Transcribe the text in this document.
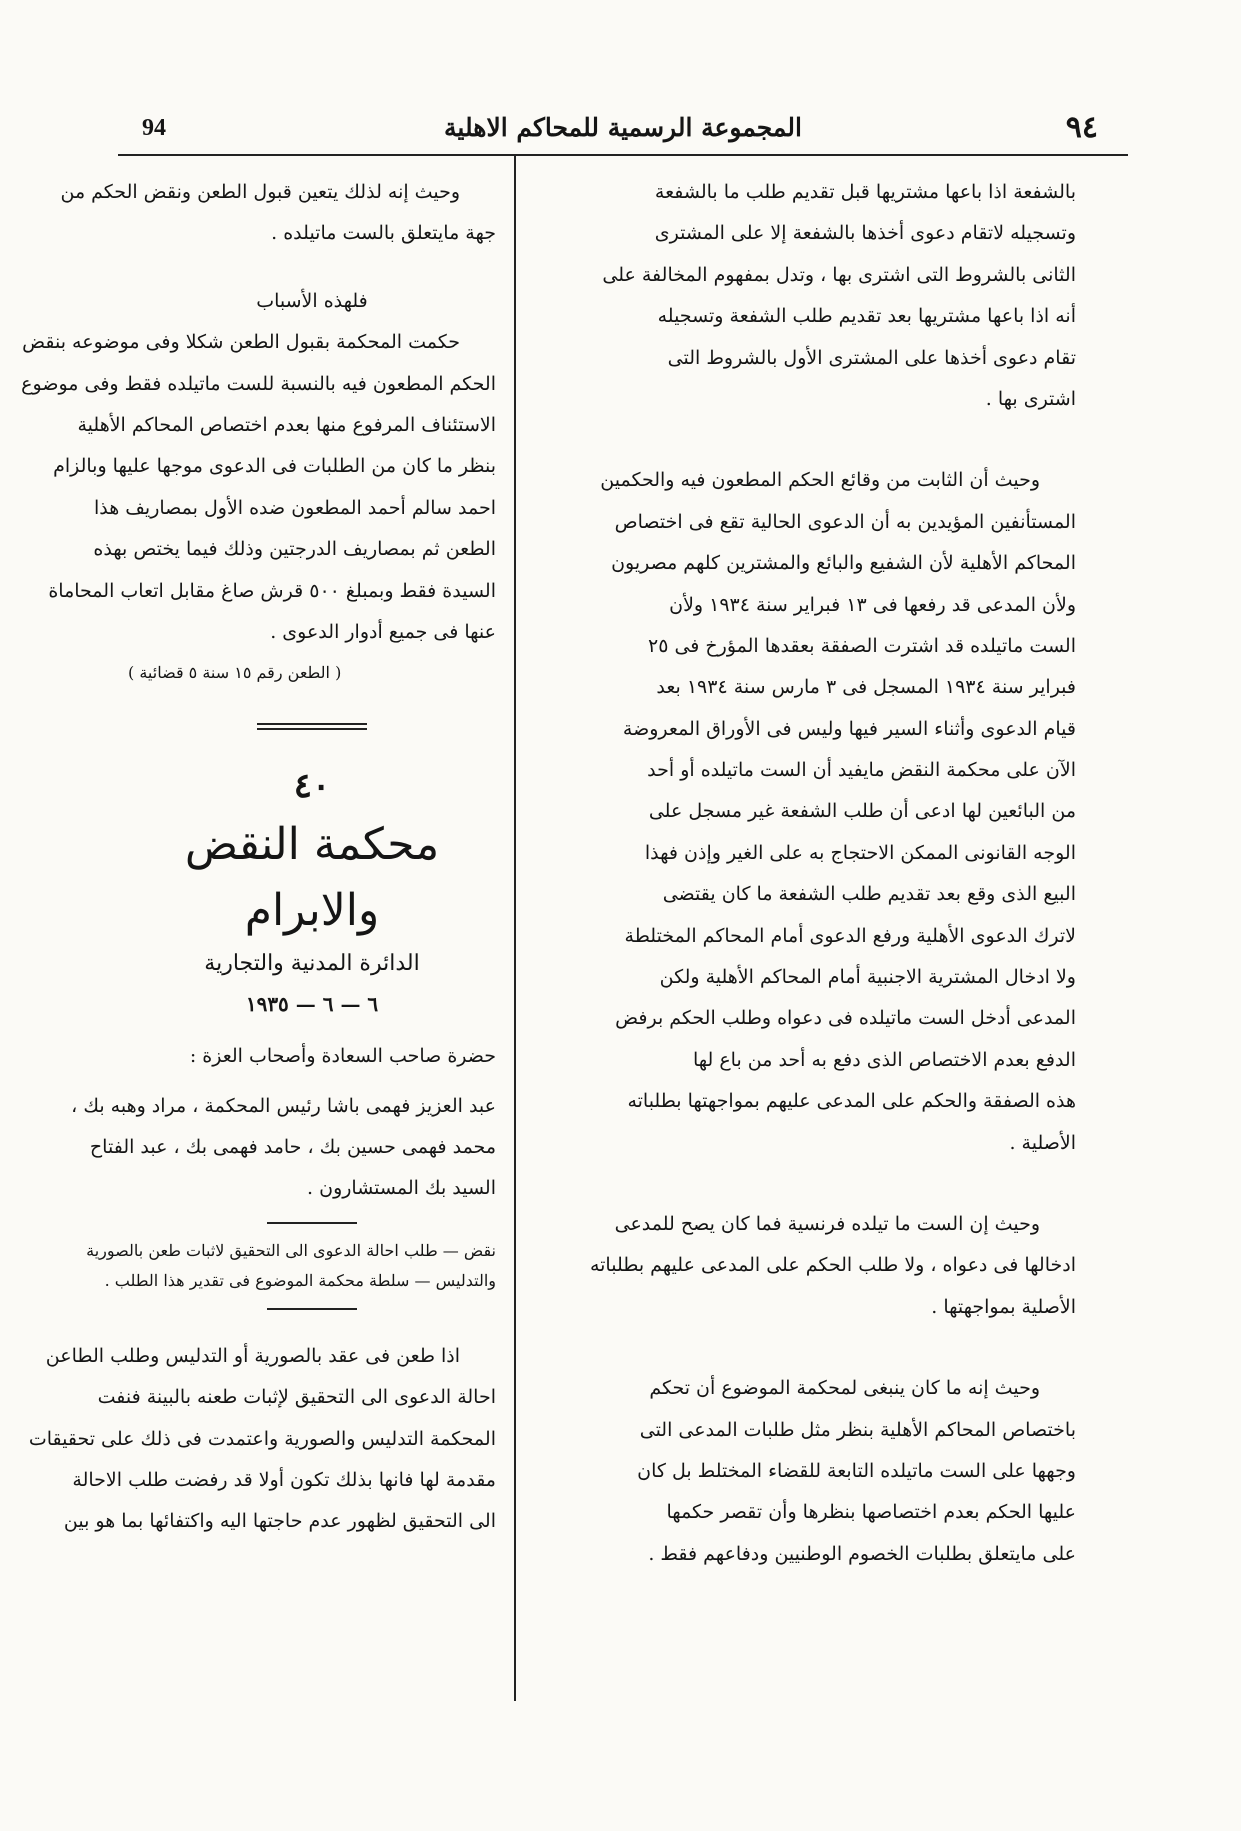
94	المجموعة الرسمية للمحاكم الاهلية	٩٤
بالشفعة اذا باعها مشتريها قبل تقديم طلب ما بالشفعة
وتسجيله لاتقام دعوى أخذها بالشفعة إلا على المشترى
الثانى بالشروط التى اشترى بها ، وتدل بمفهوم المخالفة على
أنه اذا باعها مشتريها بعد تقديم طلب الشفعة وتسجيله
تقام دعوى أخذها على المشترى الأول بالشروط التى
اشترى بها .
وحيث أن الثابت من وقائع الحكم المطعون فيه والحكمين
المستأنفين المؤيدين به أن الدعوى الحالية تقع فى اختصاص
المحاكم الأهلية لأن الشفيع والبائع والمشترين كلهم مصريون
ولأن المدعى قد رفعها فى ١٣ فبراير سنة ١٩٣٤ ولأن
الست ماتيلده قد اشترت الصفقة بعقدها المؤرخ فى ٢٥
فبراير سنة ١٩٣٤ المسجل فى ٣ مارس سنة ١٩٣٤ بعد
قيام الدعوى وأثناء السير فيها وليس فى الأوراق المعروضة
الآن على محكمة النقض مايفيد أن الست ماتيلده أو أحد
من البائعين لها ادعى أن طلب الشفعة غير مسجل على
الوجه القانونى الممكن الاحتجاج به على الغير وإذن فهذا
البيع الذى وقع بعد تقديم طلب الشفعة ما كان يقتضى
لاترك الدعوى الأهلية ورفع الدعوى أمام المحاكم المختلطة
ولا ادخال المشترية الاجنبية أمام المحاكم الأهلية ولكن
المدعى أدخل الست ماتيلده فى دعواه وطلب الحكم برفض
الدفع بعدم الاختصاص الذى دفع به أحد من باع لها
هذه الصفقة والحكم على المدعى عليهم بمواجهتها بطلباته
الأصلية .
وحيث إن الست ما تيلده فرنسية فما كان يصح للمدعى
ادخالها فى دعواه ، ولا طلب الحكم على المدعى عليهم بطلباته
الأصلية بمواجهتها .
وحيث إنه ما كان ينبغى لمحكمة الموضوع أن تحكم
باختصاص المحاكم الأهلية بنظر مثل طلبات المدعى التى
وجهها على الست ماتيلده التابعة للقضاء المختلط بل كان
عليها الحكم بعدم اختصاصها بنظرها وأن تقصر حكمها
على مايتعلق بطلبات الخصوم الوطنيين ودفاعهم فقط .
وحيث إنه لذلك يتعين قبول الطعن ونقض الحكم من
جهة مايتعلق بالست ماتيلده .
فلهذه الأسباب
حكمت المحكمة بقبول الطعن شكلا وفى موضوعه بنقض
الحكم المطعون فيه بالنسبة للست ماتيلده فقط وفى موضوع
الاستئناف المرفوع منها بعدم اختصاص المحاكم الأهلية
بنظر ما كان من الطلبات فى الدعوى موجها عليها وبالزام
احمد سالم أحمد المطعون ضده الأول بمصاريف هذا
الطعن ثم بمصاريف الدرجتين وذلك فيما يختص بهذه
السيدة فقط وبمبلغ ٥٠٠ قرش صاغ مقابل اتعاب المحاماة
عنها فى جميع أدوار الدعوى .
( الطعن رقم ١٥ سنة ٥ قضائية )
٤٠
محكمة النقض والابرام
الدائرة المدنية والتجارية
٦ — ٦ — ١٩٣٥
حضرة صاحب السعادة وأصحاب العزة :
عبد العزيز فهمى باشا رئيس المحكمة ، مراد وهبه بك ،
محمد فهمى حسين بك ، حامد فهمى بك ، عبد الفتاح
السيد بك المستشارون .
نقض — طلب احالة الدعوى الى التحقيق لاثبات طعن بالصورية
والتدليس — سلطة محكمة الموضوع فى تقدير هذا الطلب .
اذا طعن فى عقد بالصورية أو التدليس وطلب الطاعن
احالة الدعوى الى التحقيق لإثبات طعنه بالبينة فنفت
المحكمة التدليس والصورية واعتمدت فى ذلك على تحقيقات
مقدمة لها فانها بذلك تكون أولا قد رفضت طلب الاحالة
الى التحقيق لظهور عدم حاجتها اليه واكتفائها بما هو بين
